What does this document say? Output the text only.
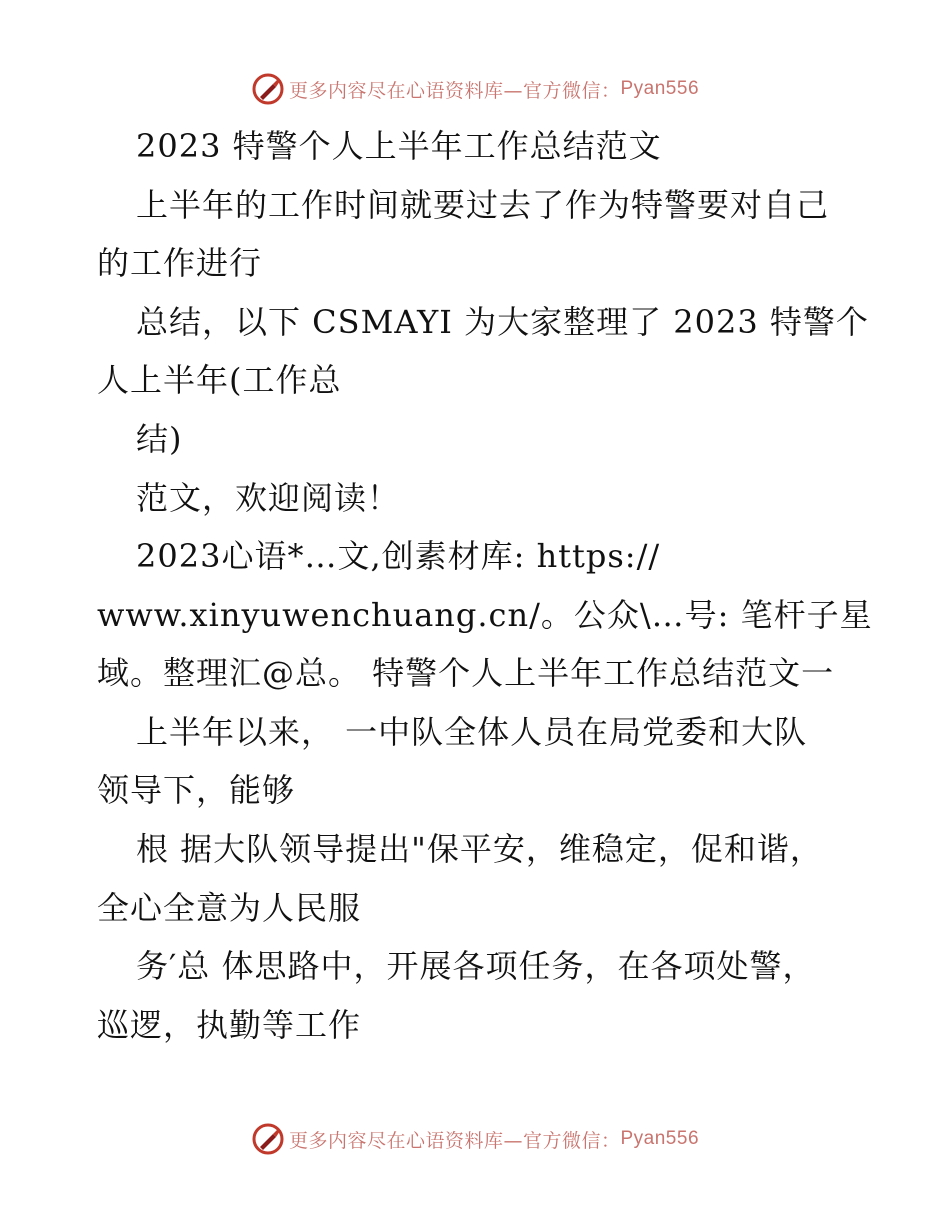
更多内容尽在心语资料库—官方微信： Pyan556
2023 特警个人上半年工作总结范文
上半年的工作时间就要过去了作为特警要对自己
的工作进行
总结，以下 CSMAYI 为大家整理了 2023 特警个
人上半年(工作总
结)
范文，欢迎阅读！
2023心语*…文,创素材库: https://
www.xinyuwenchuang.cn/。公众\…号: 笔杆子星
域。整理汇@总。 特警个人上半年工作总结范文一
上半年以来， 一中队全体人员在局党委和大队
领导下，能够
根 据大队领导提出"保平安，维稳定，促和谐，
全心全意为人民服
务′总 体思路中，开展各项任务，在各项处警，
巡逻，执勤等工作
更多内容尽在心语资料库—官方微信： Pyan556
